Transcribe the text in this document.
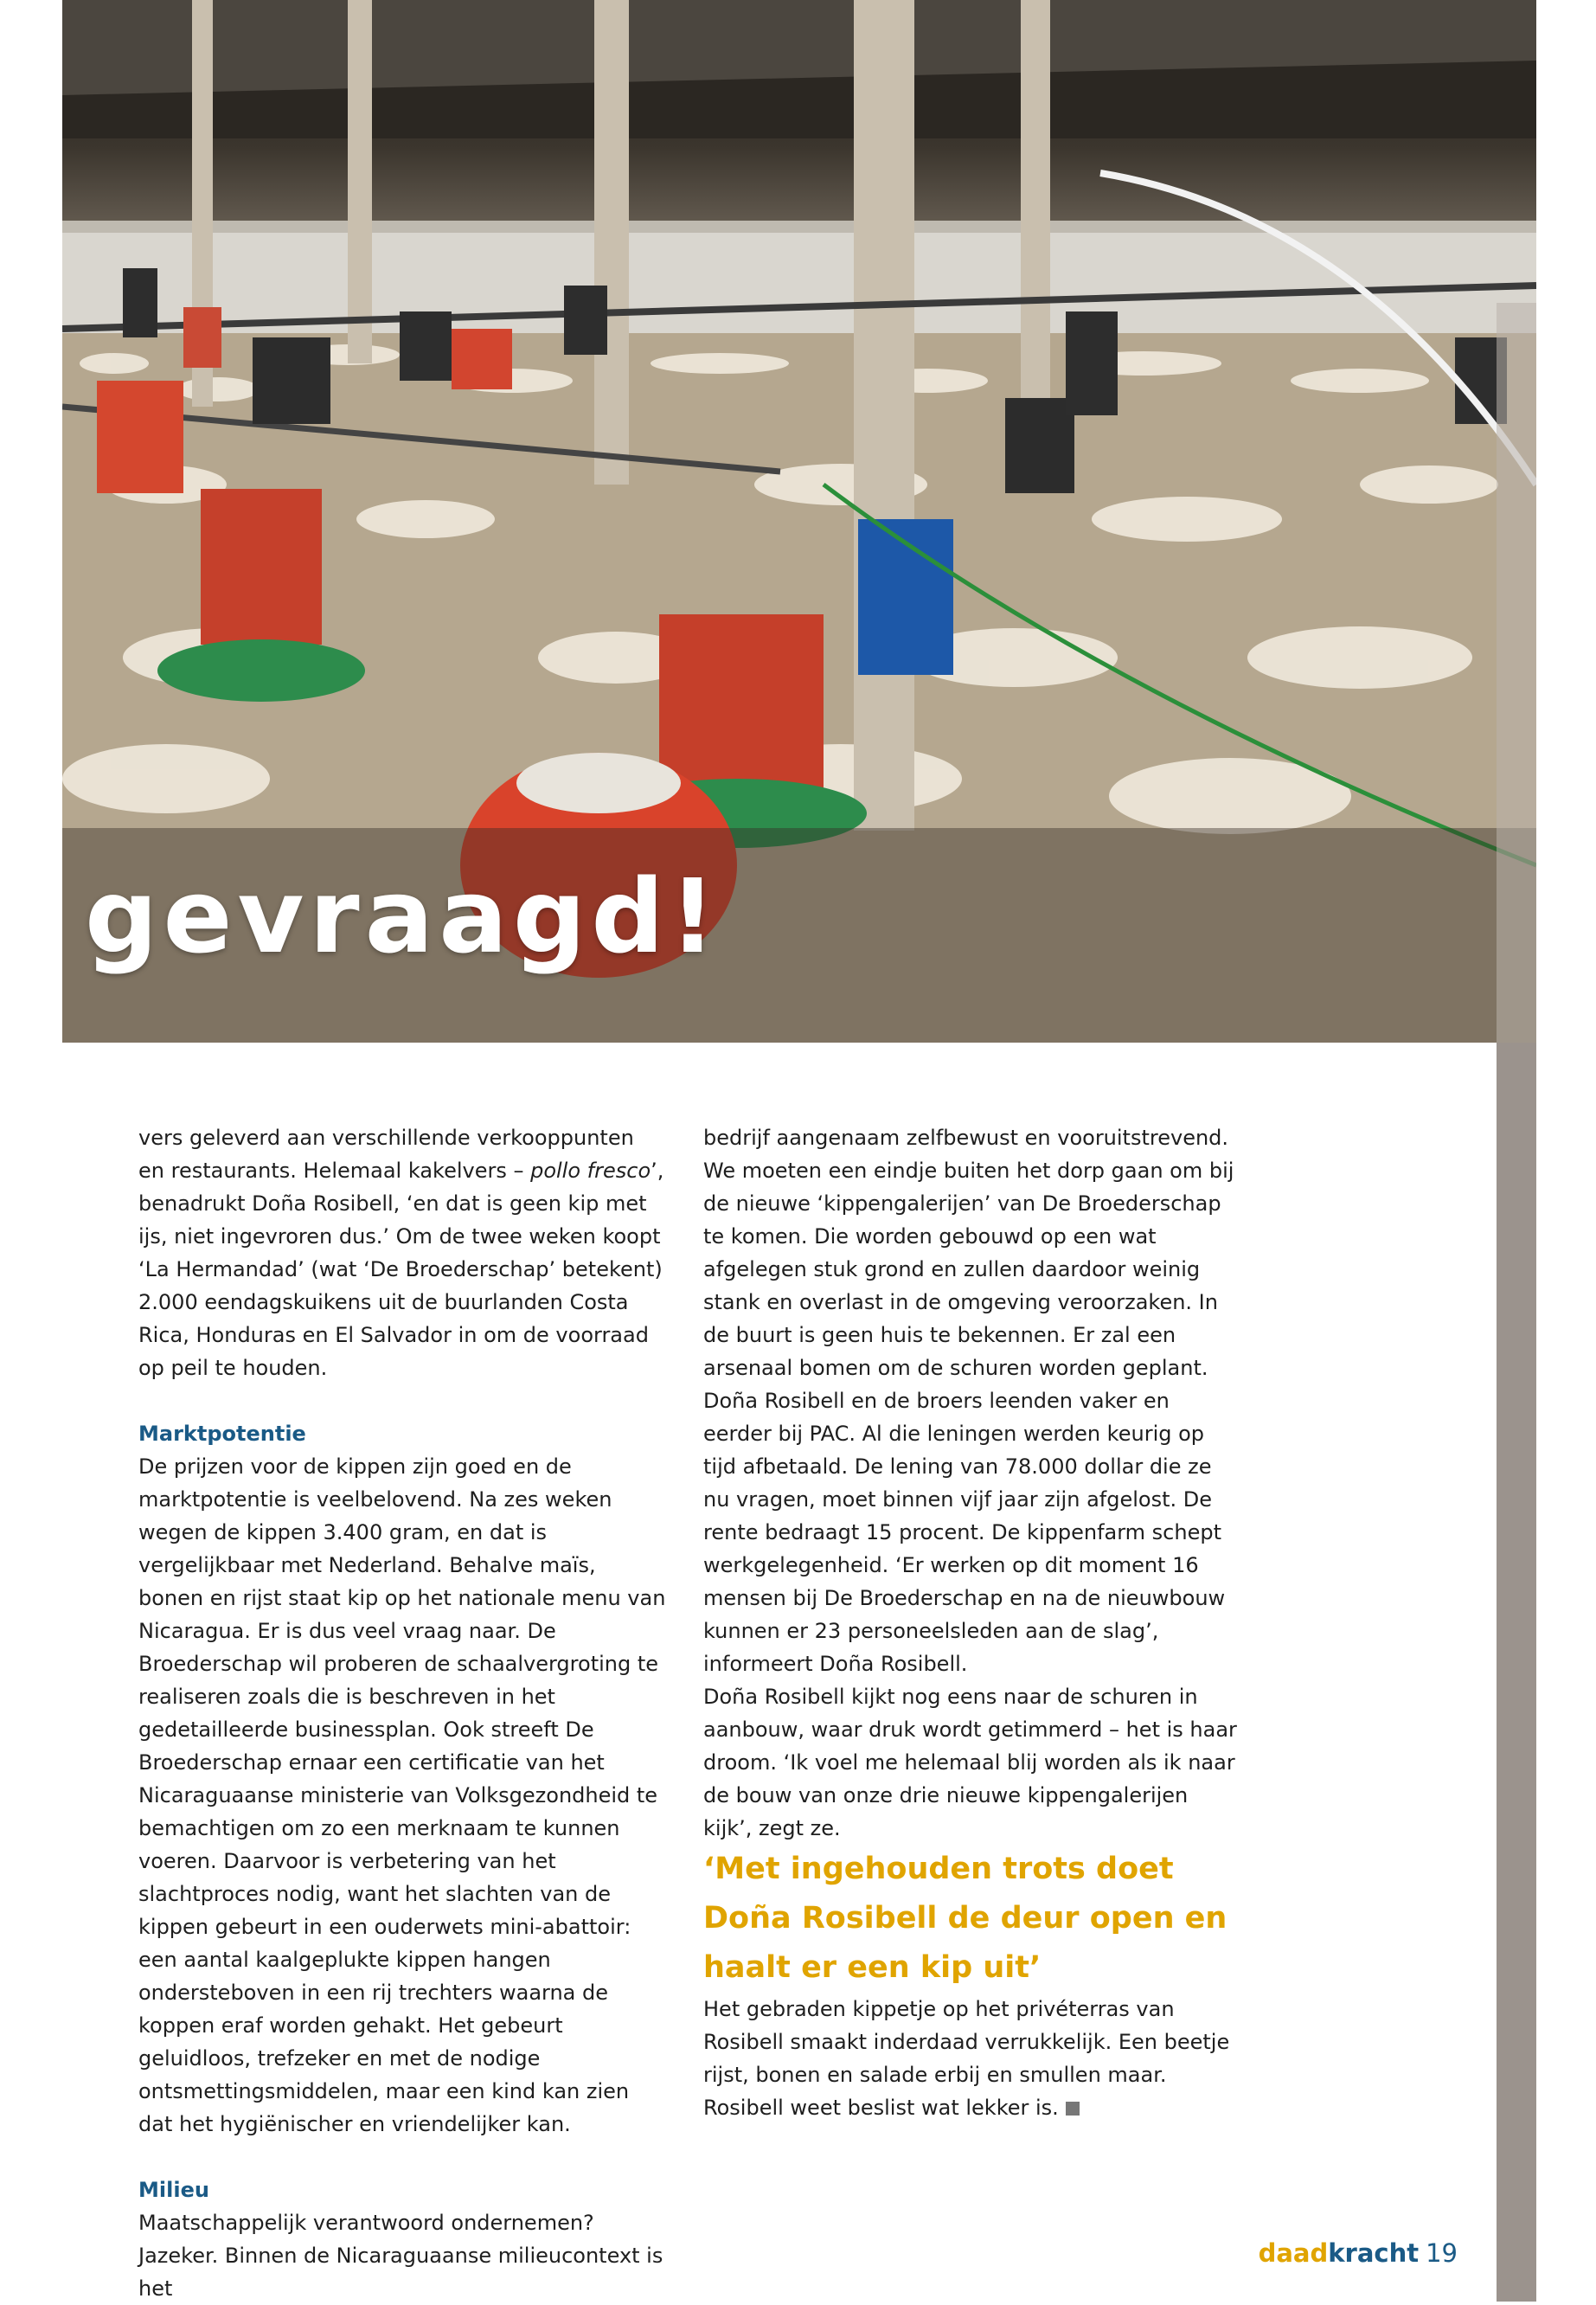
gevraagd!

vers geleverd aan verschillende verkooppunten en restaurants. Helemaal kakelvers – pollo fresco’, benadrukt Doña Rosibell, ‘en dat is geen kip met ijs, niet ingevroren dus.’ Om de twee weken koopt ‘La Hermandad’ (wat ‘De Broederschap’ betekent) 2.000 eendagskuikens uit de buurlanden Costa Rica, Honduras en El Salvador in om de voorraad op peil te houden.

Marktpotentie

De prijzen voor de kippen zijn goed en de marktpotentie is veelbelovend. Na zes weken wegen de kippen 3.400 gram, en dat is vergelijkbaar met Nederland. Behalve maïs, bonen en rijst staat kip op het nationale menu van Nicaragua. Er is dus veel vraag naar. De Broederschap wil proberen de schaalvergroting te realiseren zoals die is beschreven in het gedetailleerde businessplan. Ook streeft De Broederschap ernaar een certificatie van het Nicaraguaanse ministerie van Volksgezondheid te bemachtigen om zo een merknaam te kunnen voeren. Daarvoor is verbetering van het slachtproces nodig, want het slachten van de kippen gebeurt in een ouderwets mini-abattoir: een aantal kaalgeplukte kippen hangen ondersteboven in een rij trechters waarna de koppen eraf worden gehakt. Het gebeurt geluidloos, trefzeker en met de nodige ontsmettingsmiddelen, maar een kind kan zien dat het hygiënischer en vriendelijker kan.

Milieu

Maatschappelijk verantwoord ondernemen? Jazeker. Binnen de Nicaraguaanse milieucontext is het

bedrijf aangenaam zelfbewust en vooruitstrevend. We moeten een eindje buiten het dorp gaan om bij de nieuwe ‘kippengalerijen’ van De Broederschap te komen. Die worden gebouwd op een wat afgelegen stuk grond en zullen daardoor weinig stank en overlast in de omgeving veroorzaken. In de buurt is geen huis te bekennen. Er zal een arsenaal bomen om de schuren worden geplant.

Doña Rosibell en de broers leenden vaker en eerder bij PAC. Al die leningen werden keurig op tijd afbetaald. De lening van 78.000 dollar die ze nu vragen, moet binnen vijf jaar zijn afgelost. De rente bedraagt 15 procent. De kippenfarm schept werkgelegenheid. ‘Er werken op dit moment 16 mensen bij De Broederschap en na de nieuwbouw kunnen er 23 personeelsleden aan de slag’, informeert Doña Rosibell.

Doña Rosibell kijkt nog eens naar de schuren in aanbouw, waar druk wordt getimmerd – het is haar droom. ‘Ik voel me helemaal blij worden als ik naar de bouw van onze drie nieuwe kippengalerijen kijk’, zegt ze.

‘Met ingehouden trots doet Doña Rosibell de deur open en haalt er een kip uit’

Het gebraden kippetje op het privéterras van Rosibell smaakt inderdaad verrukkelijk. Een beetje rijst, bonen en salade erbij en smullen maar. Rosibell weet beslist wat lekker is.

daadkracht 19
